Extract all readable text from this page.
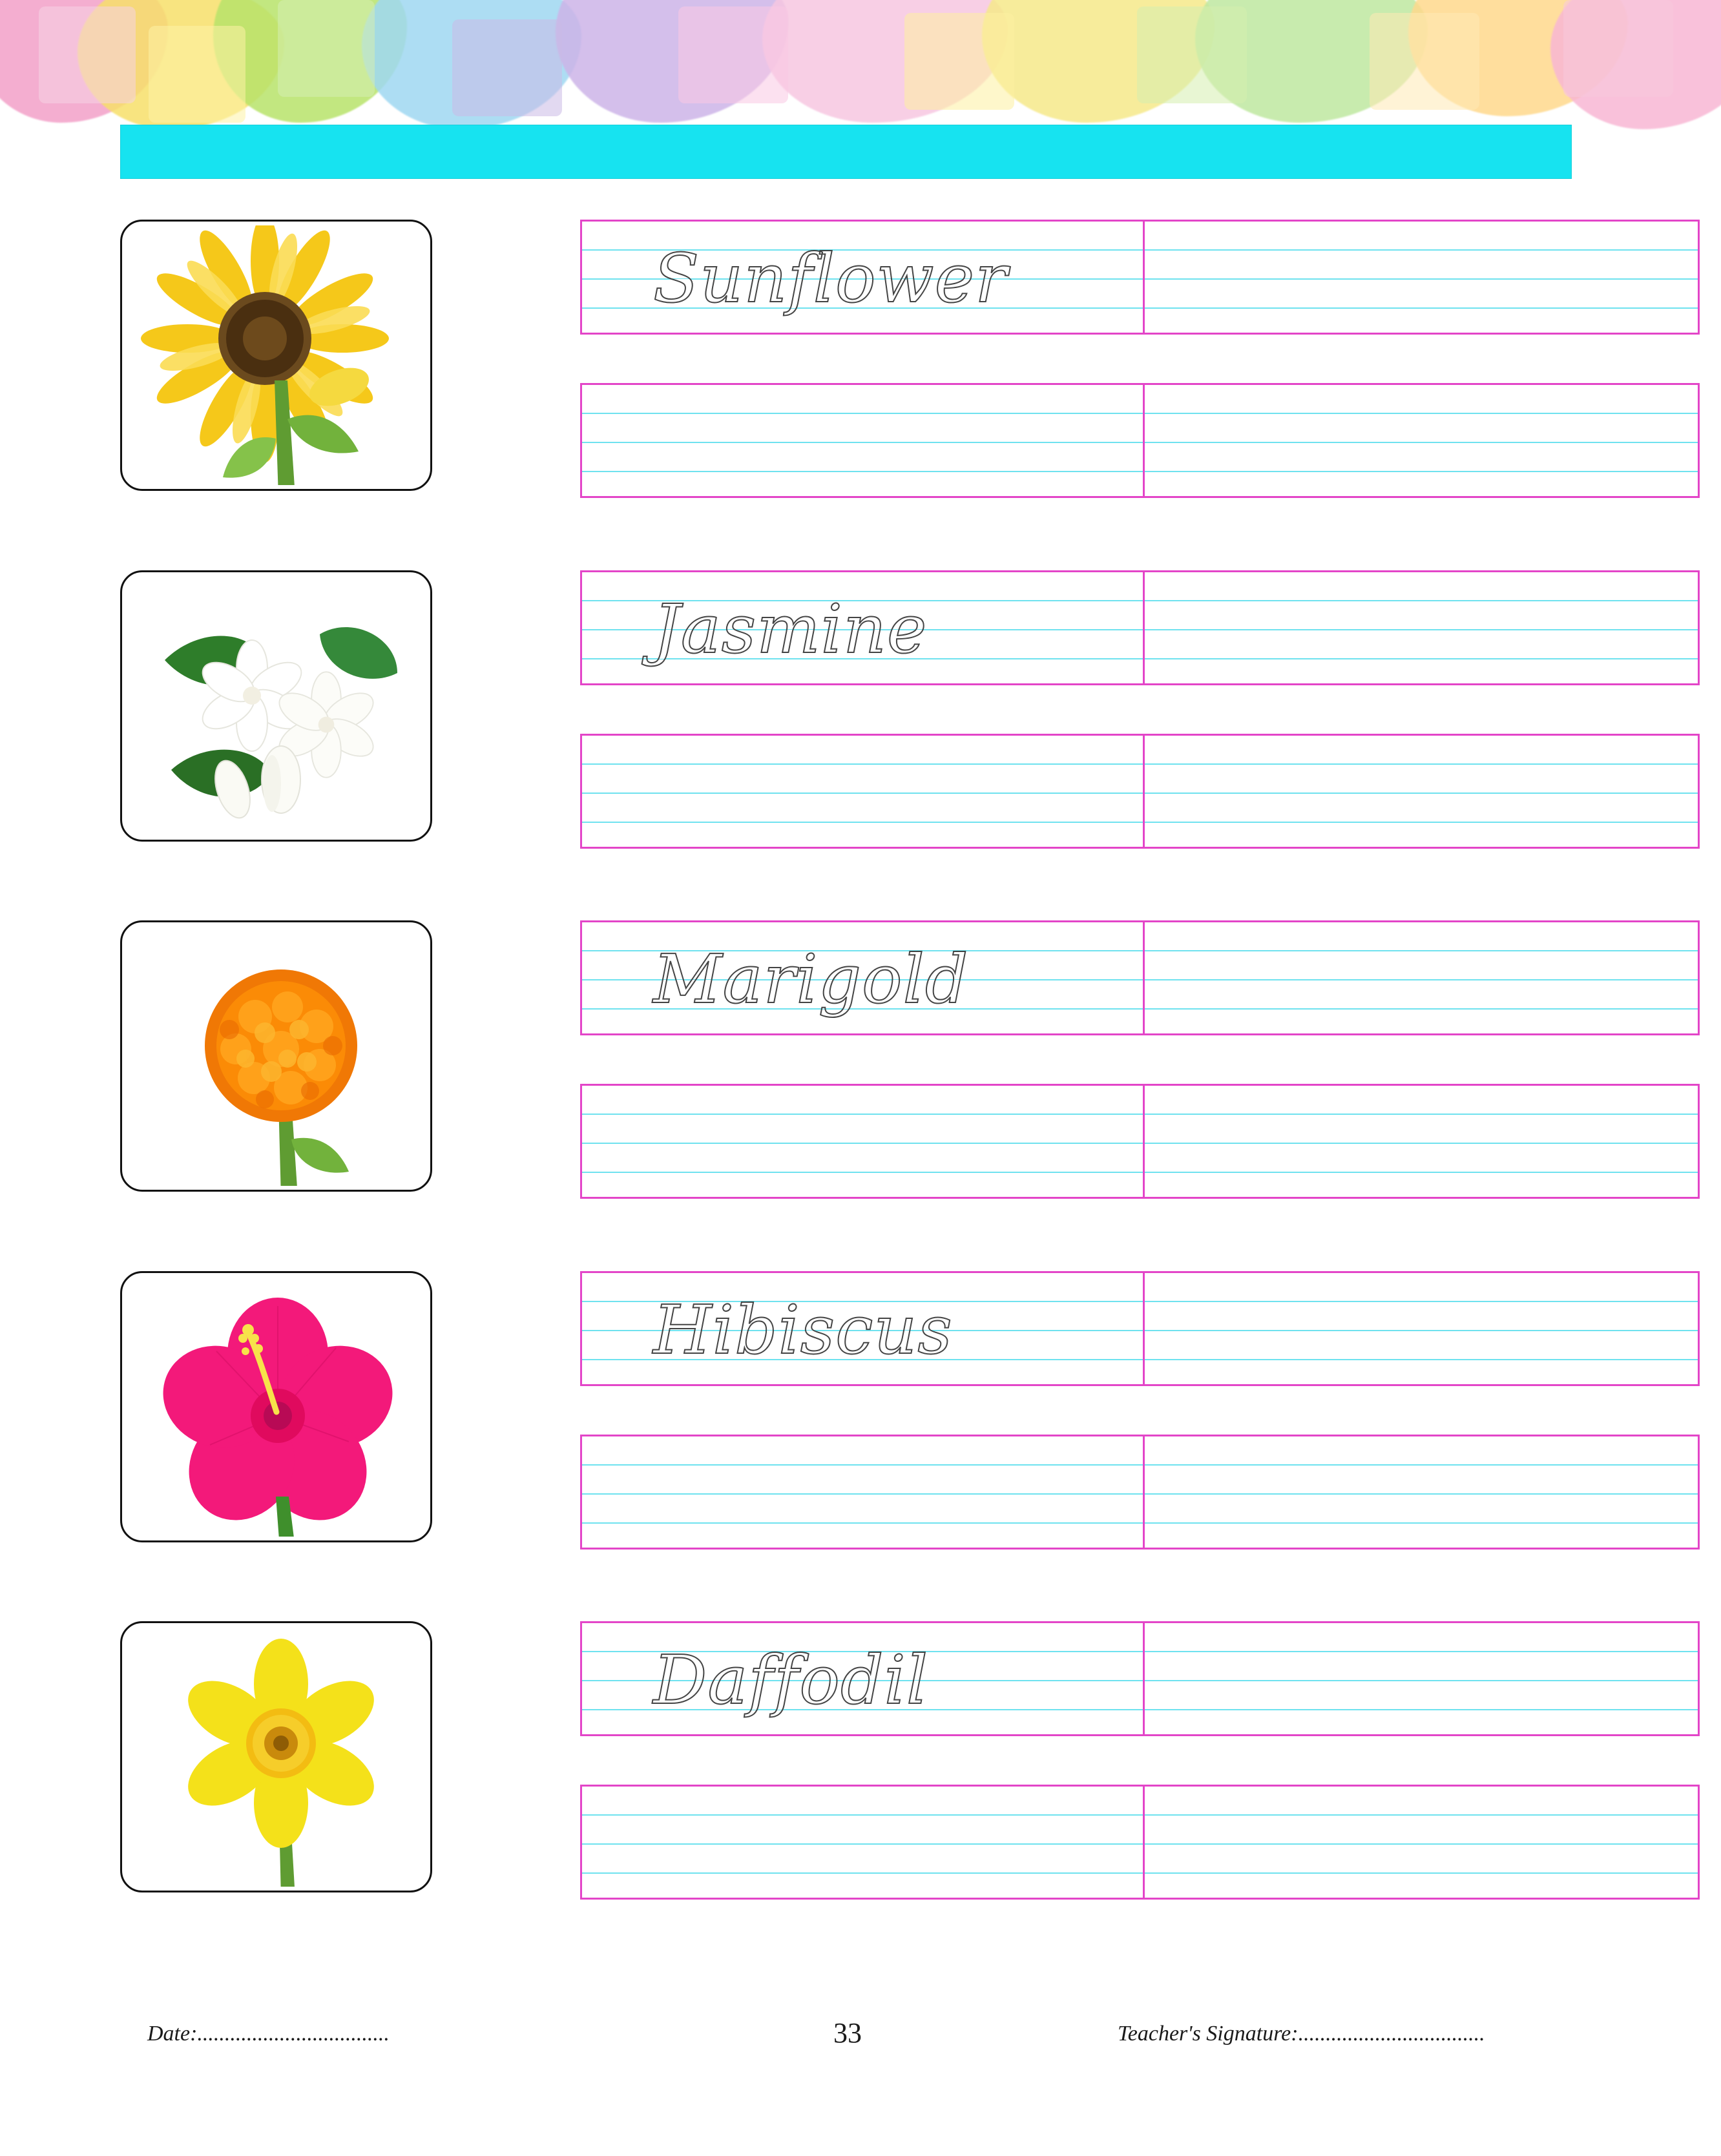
Sunflower
Jasmine
Marigold
Hibiscus
Daffodil
Date:...................................	33	Teacher's Signature:..................................
